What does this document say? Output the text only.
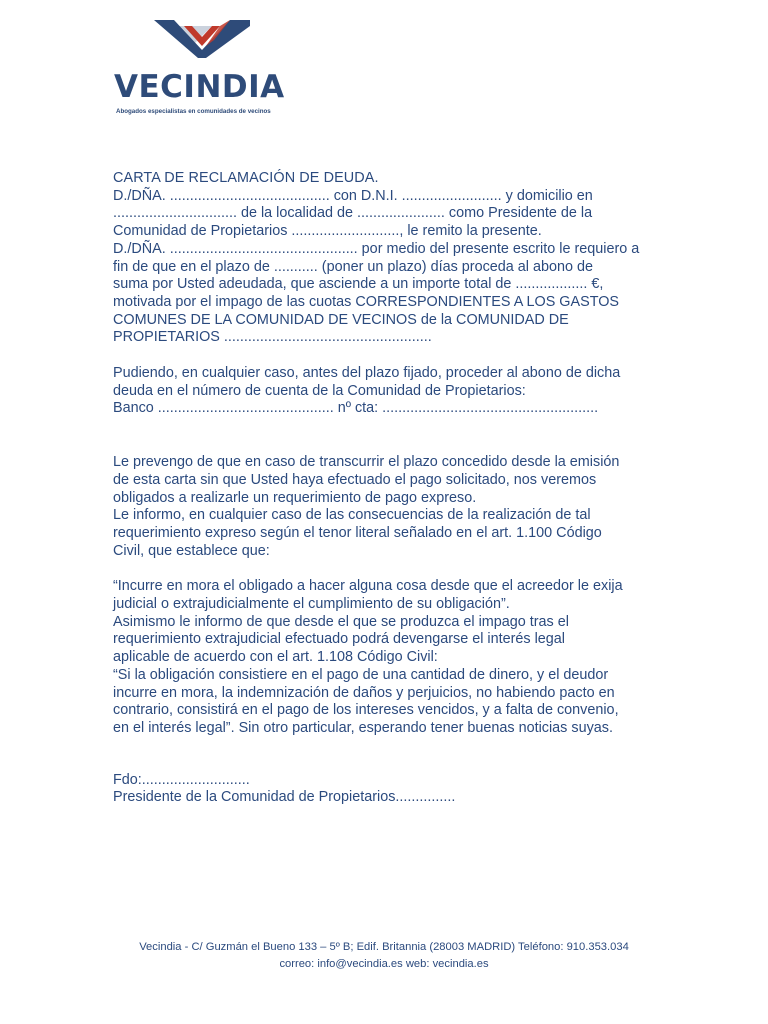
VECINDIA
Abogados especialistas en comunidades de vecinos

CARTA DE RECLAMACIÓN DE DEUDA.

D./DÑA. ........................................ con D.N.I. ......................... y domicilio en

............................... de la localidad de ...................... como Presidente de la

Comunidad de Propietarios ..........................., le remito la presente.

D./DÑA. ............................................... por medio del presente escrito le requiero a

fin de que en el plazo de ........... (poner un plazo) días proceda al abono de

suma por Usted adeudada, que asciende a un importe total de .................. €,

motivada por el impago de las cuotas CORRESPONDIENTES A LOS GASTOS

COMUNES DE LA COMUNIDAD DE VECINOS de la COMUNIDAD DE

PROPIETARIOS ....................................................

Pudiendo, en cualquier caso, antes del plazo fijado, proceder al abono de dicha

deuda en el número de cuenta de la Comunidad de Propietarios:

Banco ............................................ nº cta: ......................................................

Le prevengo de que en caso de transcurrir el plazo concedido desde la emisión

de esta carta sin que Usted haya efectuado el pago solicitado, nos veremos

obligados a realizarle un requerimiento de pago expreso.

Le informo, en cualquier caso de las consecuencias de la realización de tal

requerimiento expreso según el tenor literal señalado en el art. 1.100 Código

Civil, que establece que:

“Incurre en mora el obligado a hacer alguna cosa desde que el acreedor le exija

judicial o extrajudicialmente el cumplimiento de su obligación”.

Asimismo le informo de que desde el que se produzca el impago tras el

requerimiento extrajudicial efectuado podrá devengarse el interés legal

aplicable de acuerdo con el art. 1.108 Código Civil:

“Si la obligación consistiere en el pago de una cantidad de dinero, y el deudor

incurre en mora, la indemnización de daños y perjuicios, no habiendo pacto en

contrario, consistirá en el pago de los intereses vencidos, y a falta de convenio,

en el interés legal”. Sin otro particular, esperando tener buenas noticias suyas.

Fdo:...........................

Presidente de la Comunidad de Propietarios...............

Vecindia - C/ Guzmán el Bueno 133 – 5º B; Edif. Britannia (28003 MADRID) Teléfono: 910.353.034
correo: info@vecindia.es web: vecindia.es
